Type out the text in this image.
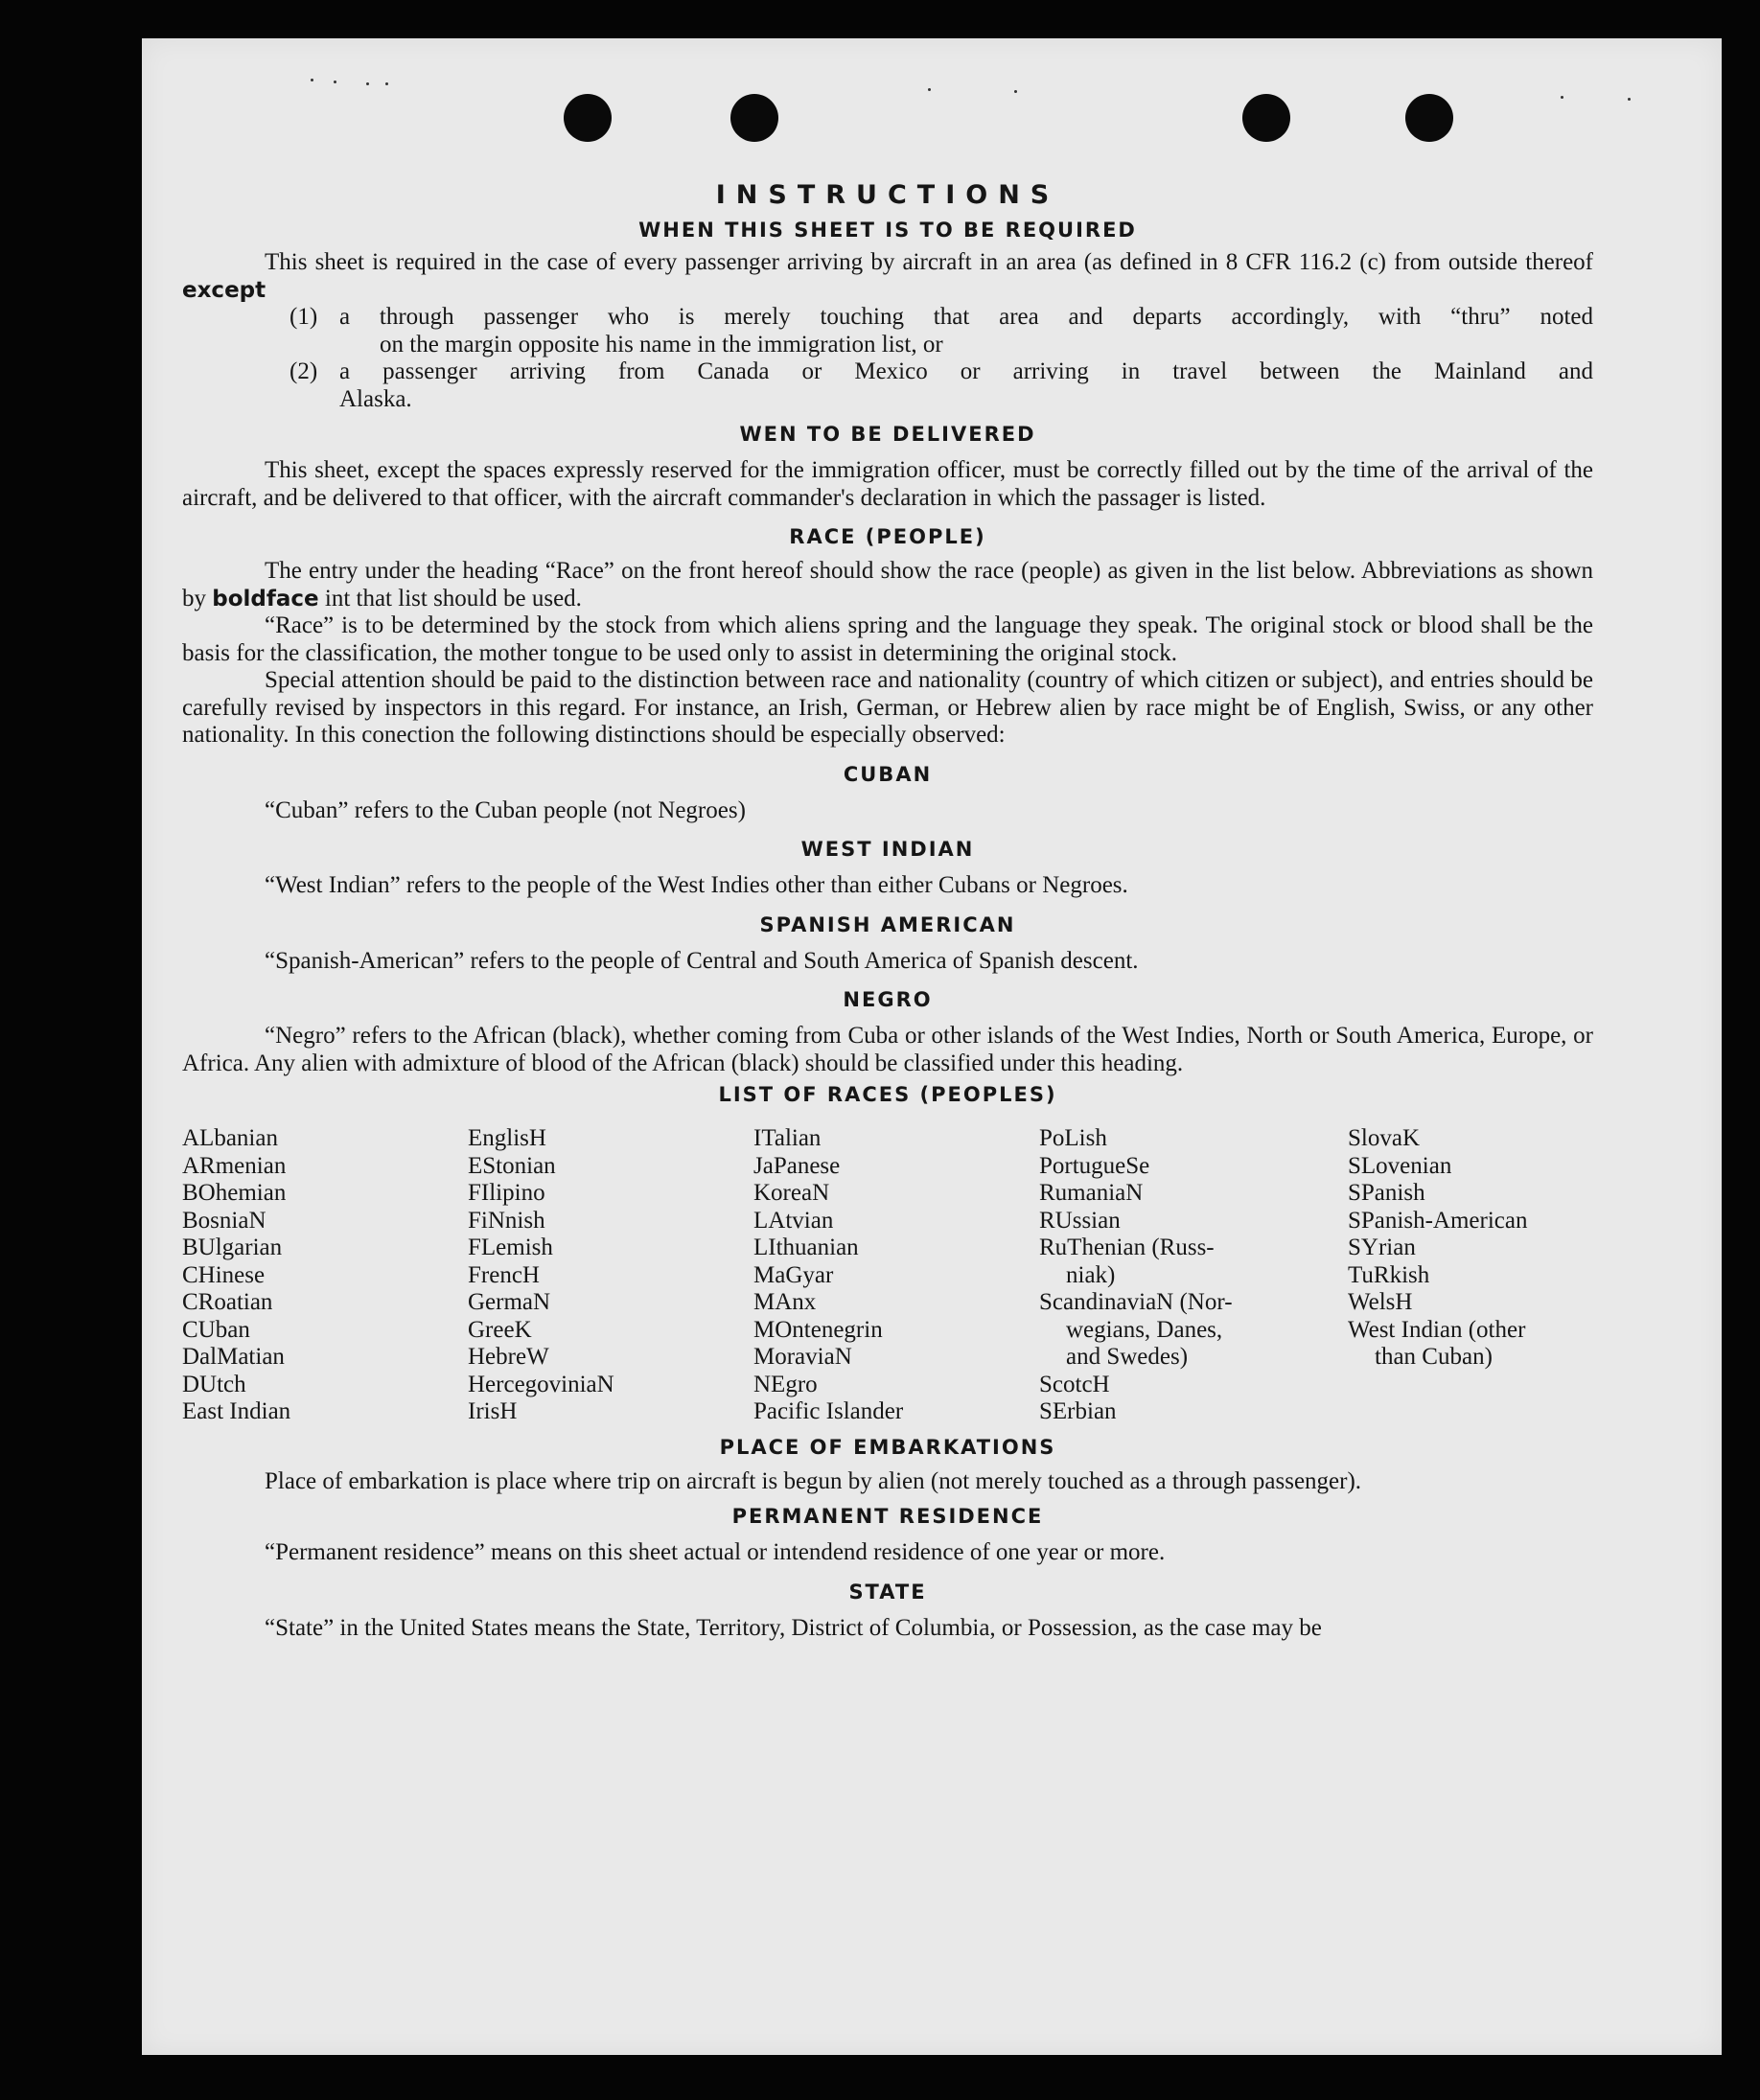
INSTRUCTIONS
WHEN THIS SHEET IS TO BE REQUIRED

This sheet is required in the case of every passenger arriving by aircraft in an area (as defined in 8 CFR 116.2 (c) from outside thereof except

(1) a through passenger who is merely touching that area and departs accordingly, with “thru” noted
on the margin opposite his name in the immigration list, or
(2) a passenger arriving from Canada or Mexico or arriving in travel between the Mainland and
Alaska.
WEN TO BE DELIVERED

This sheet, except the spaces expressly reserved for the immigration officer, must be correctly filled out by the time of the arrival of the aircraft, and be delivered to that officer, with the aircraft commander's declaration in which the passager is listed.

RACE (PEOPLE)

The entry under the heading “Race” on the front hereof should show the race (people) as given in the list below. Abbreviations as shown by boldface int that list should be used.

“Race” is to be determined by the stock from which aliens spring and the language they speak. The original stock or blood shall be the basis for the classification, the mother tongue to be used only to assist in determining the original stock.

Special attention should be paid to the distinction between race and nationality (country of which citizen or subject), and entries should be carefully revised by inspectors in this regard. For instance, an Irish, German, or Hebrew alien by race might be of English, Swiss, or any other nationality. In this conection the following distinctions should be especially observed:

CUBAN

“Cuban” refers to the Cuban people (not Negroes)

WEST INDIAN

“West Indian” refers to the people of the West Indies other than either Cubans or Negroes.

SPANISH AMERICAN

“Spanish-American” refers to the people of Central and South America of Spanish descent.

NEGRO

“Negro” refers to the African (black), whether coming from Cuba or other islands of the West Indies, North or South America, Europe, or Africa. Any alien with admixture of blood of the African (black) should be classified under this heading.

LIST OF RACES (PEOPLES)
ALbanian
ARmenian
BOhemian
BosniaN
BUlgarian
CHinese
CRoatian
CUban
DalMatian
DUtch
East Indian
EnglisH
EStonian
FIlipino
FiNnish
FLemish
FrencH
GermaN
GreeK
HebreW
HercegoviniaN
IrisH
ITalian
JaPanese
KoreaN
LAtvian
LIthuanian
MaGyar
MAnx
MOntenegrin
MoraviaN
NEgro
Pacific Islander
PoLish
PortugueSe
RumaniaN
RUssian
RuThenian (Russ-
niak)
ScandinaviaN (Nor-
wegians, Danes,
and Swedes)
ScotcH
SErbian
SlovaK
SLovenian
SPanish
SPanish-American
SYrian
TuRkish
WelsH
West Indian (other
than Cuban)
PLACE OF EMBARKATIONS

Place of embarkation is place where trip on aircraft is begun by alien (not merely touched as a through passenger).

PERMANENT RESIDENCE

“Permanent residence” means on this sheet actual or intendend residence of one year or more.

STATE

“State” in the United States means the State, Territory, District of Columbia, or Possession, as the case may be
